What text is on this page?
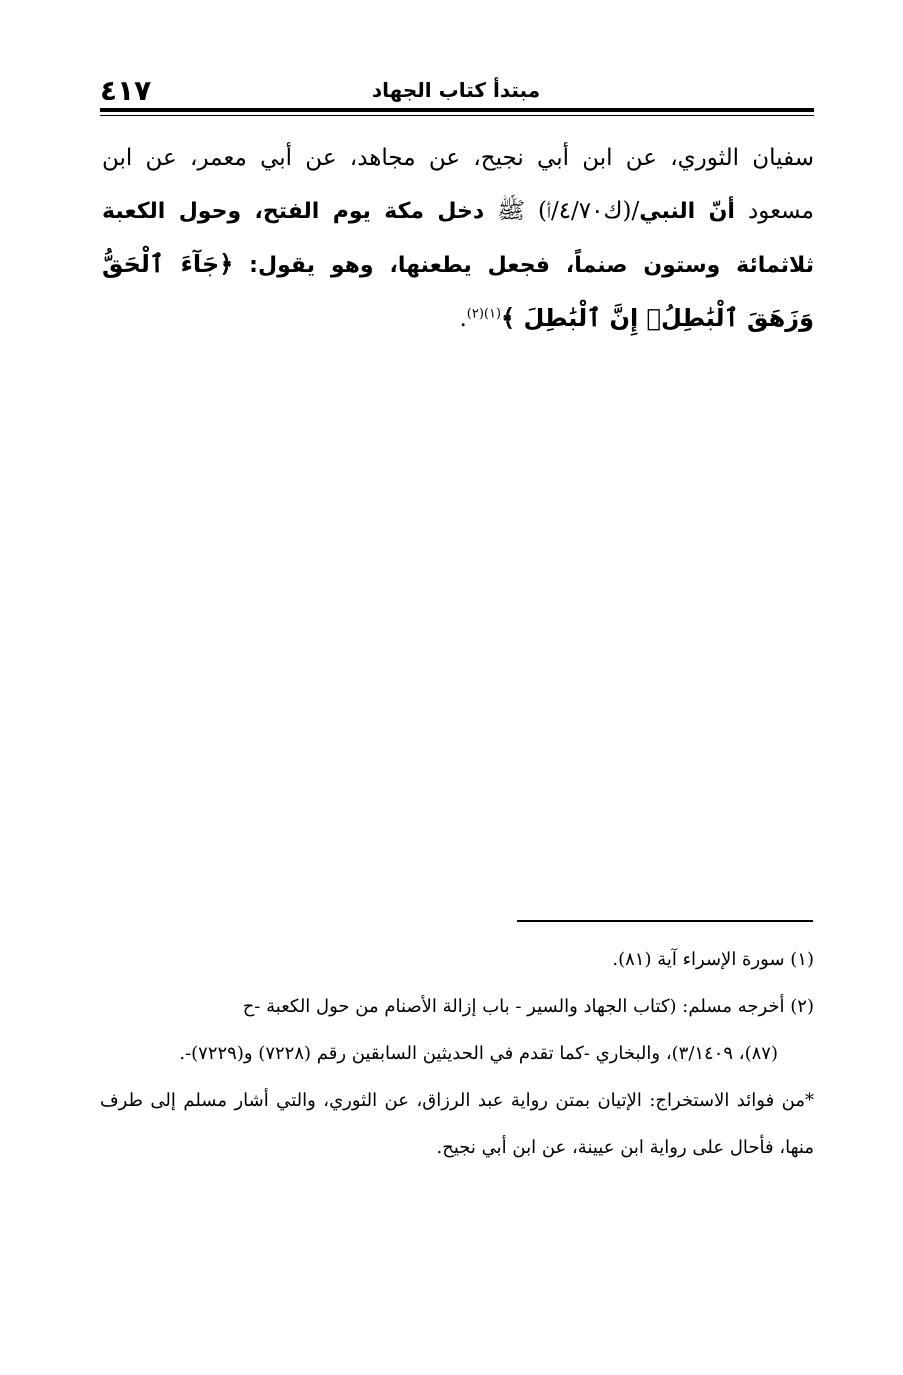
٤١٧	مبتدأ كتاب الجهاد
سفيان الثوري، عن ابن أبي نجيح، عن مجاهد، عن أبي معمر، عن ابن مسعود أنّ النبي/(ك٤/٧٠/أ) ﷺ دخل مكة يوم الفتح، وحول الكعبة ثلاثمائة وستون صنماً، فجعل يطعنها، وهو يقول: ﴿جَآءَ ٱلْحَقُّ وَزَهَقَ ٱلْبَٰطِلُۚ إِنَّ ٱلْبَٰطِلَ ﴾$^{(١)(٢)}$.

(١) سورة الإسراء آية (٨١).

(٢) أخرجه مسلم: (كتاب الجهاد والسير - باب إزالة الأصنام من حول الكعبة -ح

(٨٧)، ٣/١٤٠٩)، والبخاري -كما تقدم في الحديثين السابقين رقم (٧٢٢٨) و(٧٢٢٩)-.

*من فوائد الاستخراج: الإتيان بمتن رواية عبد الرزاق، عن الثوري، والتي أشار مسلم إلى طرف منها، فأحال على رواية ابن عيينة، عن ابن أبي نجيح.
